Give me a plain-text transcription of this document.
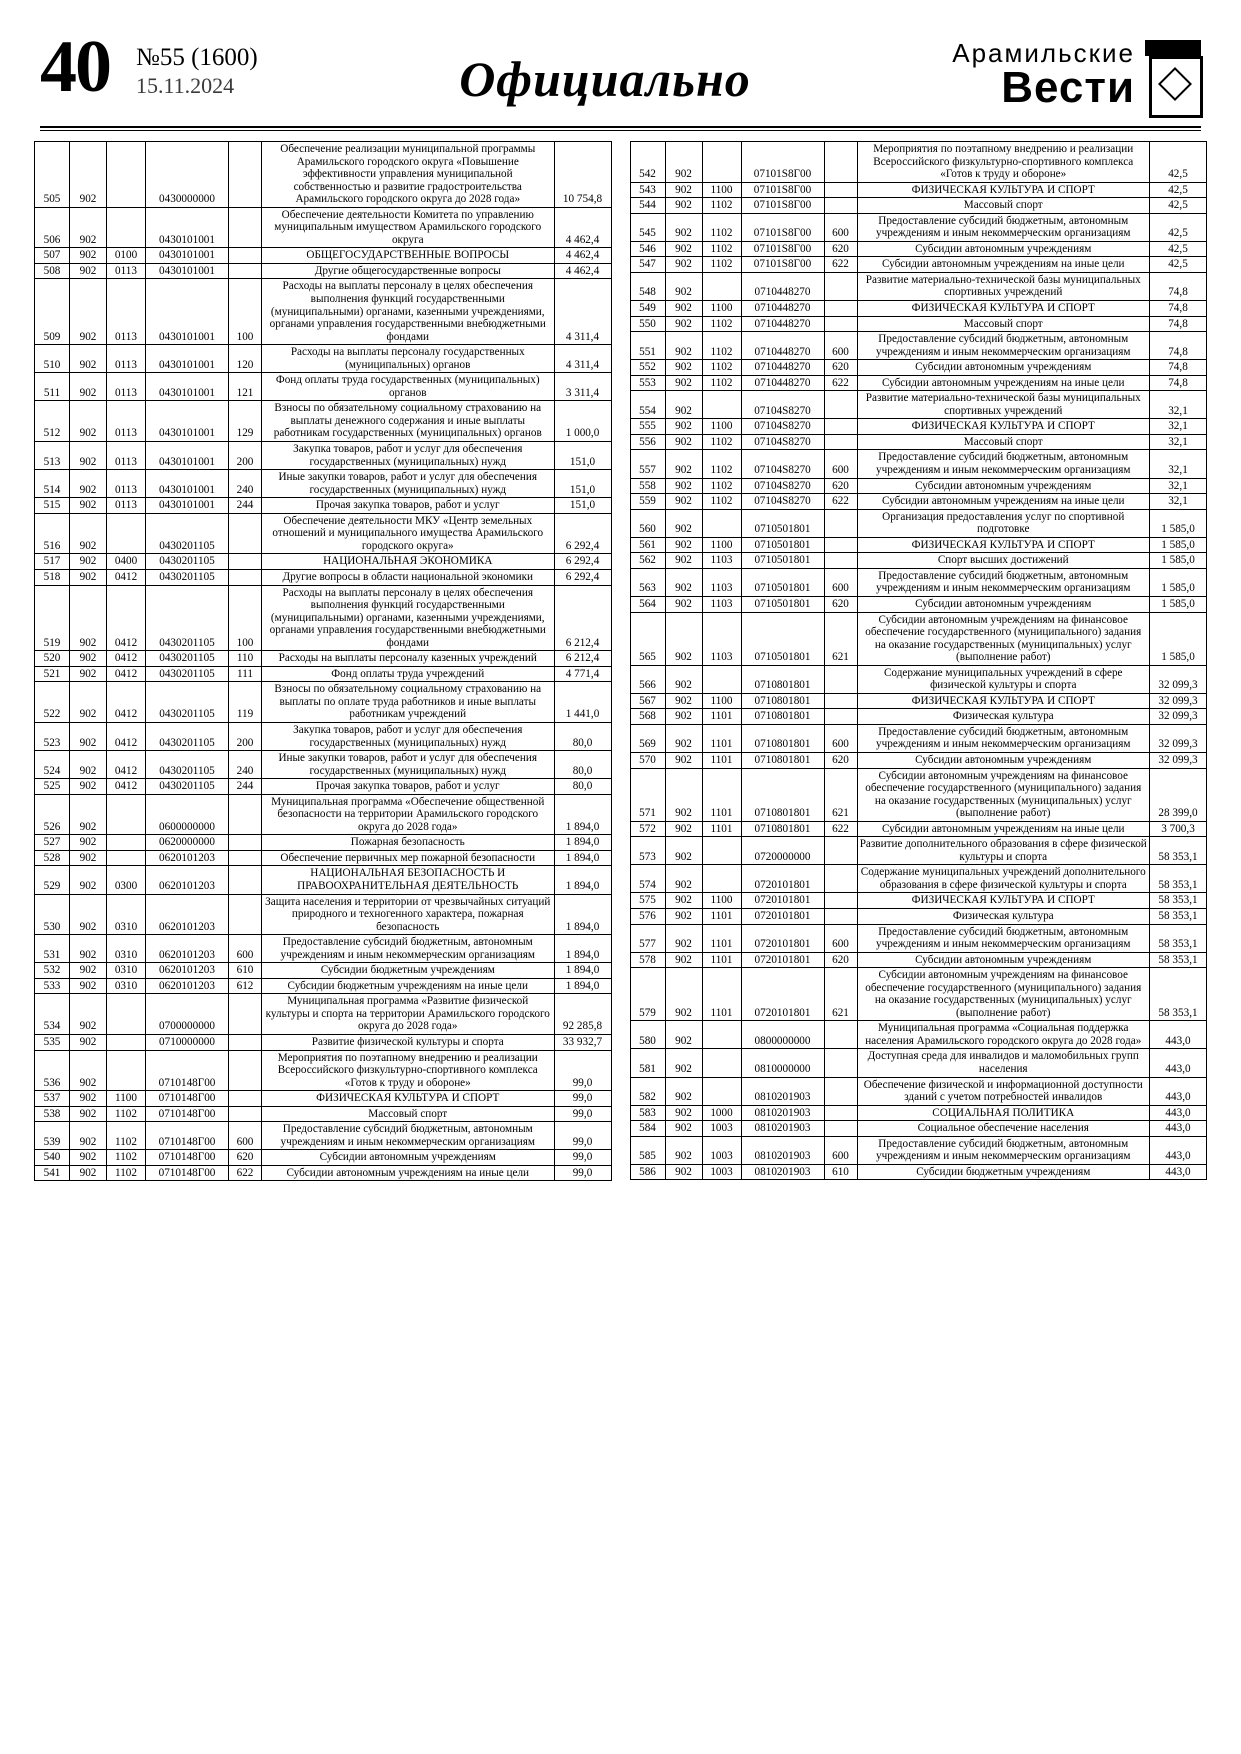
40 №55 (1600)
15.11.2024	Официально	Арамильские
Вести
505	902		0430000000		Обеспечение реализации муниципальной программы Арамильского городского округа «Повышение эффективности управления муниципальной собственностью и развитие градостроительства Арамильского городского округа до 2028 года»	10 754,8
506	902		0430101001		Обеспечение деятельности Комитета по управлению муниципальным имуществом Арамильского городского округа	4 462,4
507	902	0100	0430101001		ОБЩЕГОСУДАРСТВЕННЫЕ ВОПРОСЫ	4 462,4
508	902	0113	0430101001		Другие общегосударственные вопросы	4 462,4
509	902	0113	0430101001	100	Расходы на выплаты персоналу в целях обеспечения выполнения функций государственными (муниципальными) органами, казенными учреждениями, органами управления государственными внебюджетными фондами	4 311,4
510	902	0113	0430101001	120	Расходы на выплаты персоналу государственных (муниципальных) органов	4 311,4
511	902	0113	0430101001	121	Фонд оплаты труда государственных (муниципальных) органов	3 311,4
512	902	0113	0430101001	129	Взносы по обязательному социальному страхованию на выплаты денежного содержания и иные выплаты работникам государственных (муниципальных) органов	1 000,0
513	902	0113	0430101001	200	Закупка товаров, работ и услуг для обеспечения государственных (муниципальных) нужд	151,0
514	902	0113	0430101001	240	Иные закупки товаров, работ и услуг для обеспечения государственных (муниципальных) нужд	151,0
515	902	0113	0430101001	244	Прочая закупка товаров, работ и услуг	151,0
516	902		0430201105		Обеспечение деятельности МКУ «Центр земельных отношений и муниципального имущества Арамильского городского округа»	6 292,4
517	902	0400	0430201105		НАЦИОНАЛЬНАЯ ЭКОНОМИКА	6 292,4
518	902	0412	0430201105		Другие вопросы в области национальной экономики	6 292,4
519	902	0412	0430201105	100	Расходы на выплаты персоналу в целях обеспечения выполнения функций государственными (муниципальными) органами, казенными учреждениями, органами управления государственными внебюджетными фондами	6 212,4
520	902	0412	0430201105	110	Расходы на выплаты персоналу казенных учреждений	6 212,4
521	902	0412	0430201105	111	Фонд оплаты труда учреждений	4 771,4
522	902	0412	0430201105	119	Взносы по обязательному социальному страхованию на выплаты по оплате труда работников и иные выплаты работникам учреждений	1 441,0
523	902	0412	0430201105	200	Закупка товаров, работ и услуг для обеспечения государственных (муниципальных) нужд	80,0
524	902	0412	0430201105	240	Иные закупки товаров, работ и услуг для обеспечения государственных (муниципальных) нужд	80,0
525	902	0412	0430201105	244	Прочая закупка товаров, работ и услуг	80,0
526	902		0600000000		Муниципальная программа «Обеспечение общественной безопасности на территории Арамильского городского округа до 2028 года»	1 894,0
527	902		0620000000		Пожарная безопасность	1 894,0
528	902		0620101203		Обеспечение первичных мер пожарной безопасности	1 894,0
529	902	0300	0620101203		НАЦИОНАЛЬНАЯ БЕЗОПАСНОСТЬ И ПРАВООХРАНИТЕЛЬНАЯ ДЕЯТЕЛЬНОСТЬ	1 894,0
530	902	0310	0620101203		Защита населения и территории от чрезвычайных ситуаций природного и техногенного характера, пожарная безопасность	1 894,0
531	902	0310	0620101203	600	Предоставление субсидий бюджетным, автономным учреждениям и иным некоммерческим организациям	1 894,0
532	902	0310	0620101203	610	Субсидии бюджетным учреждениям	1 894,0
533	902	0310	0620101203	612	Субсидии бюджетным учреждениям на иные цели	1 894,0
534	902		0700000000		Муниципальная программа «Развитие физической культуры и спорта на территории Арамильского городского округа до 2028 года»	92 285,8
535	902		0710000000		Развитие физической культуры и спорта	33 932,7
536	902		0710148Г00		Мероприятия по поэтапному внедрению и реализации Всероссийского физкультурно-спортивного комплекса «Готов к труду и обороне»	99,0
537	902	1100	0710148Г00		ФИЗИЧЕСКАЯ КУЛЬТУРА И СПОРТ	99,0
538	902	1102	0710148Г00		Массовый спорт	99,0
539	902	1102	0710148Г00	600	Предоставление субсидий бюджетным, автономным учреждениям и иным некоммерческим организациям	99,0
540	902	1102	0710148Г00	620	Субсидии автономным учреждениям	99,0
541	902	1102	0710148Г00	622	Субсидии автономным учреждениям на иные цели	99,0
542	902		07101S8Г00		Мероприятия по поэтапному внедрению и реализации Всероссийского физкультурно-спортивного комплекса «Готов к труду и обороне»	42,5
543	902	1100	07101S8Г00		ФИЗИЧЕСКАЯ КУЛЬТУРА И СПОРТ	42,5
544	902	1102	07101S8Г00		Массовый спорт	42,5
545	902	1102	07101S8Г00	600	Предоставление субсидий бюджетным, автономным учреждениям и иным некоммерческим организациям	42,5
546	902	1102	07101S8Г00	620	Субсидии автономным учреждениям	42,5
547	902	1102	07101S8Г00	622	Субсидии автономным учреждениям на иные цели	42,5
548	902		0710448270		Развитие материально-технической базы муниципальных спортивных учреждений	74,8
549	902	1100	0710448270		ФИЗИЧЕСКАЯ КУЛЬТУРА И СПОРТ	74,8
550	902	1102	0710448270		Массовый спорт	74,8
551	902	1102	0710448270	600	Предоставление субсидий бюджетным, автономным учреждениям и иным некоммерческим организациям	74,8
552	902	1102	0710448270	620	Субсидии автономным учреждениям	74,8
553	902	1102	0710448270	622	Субсидии автономным учреждениям на иные цели	74,8
554	902		07104S8270		Развитие материально-технической базы муниципальных спортивных учреждений	32,1
555	902	1100	07104S8270		ФИЗИЧЕСКАЯ КУЛЬТУРА И СПОРТ	32,1
556	902	1102	07104S8270		Массовый спорт	32,1
557	902	1102	07104S8270	600	Предоставление субсидий бюджетным, автономным учреждениям и иным некоммерческим организациям	32,1
558	902	1102	07104S8270	620	Субсидии автономным учреждениям	32,1
559	902	1102	07104S8270	622	Субсидии автономным учреждениям на иные цели	32,1
560	902		0710501801		Организация предоставления услуг по спортивной подготовке	1 585,0
561	902	1100	0710501801		ФИЗИЧЕСКАЯ КУЛЬТУРА И СПОРТ	1 585,0
562	902	1103	0710501801		Спорт высших достижений	1 585,0
563	902	1103	0710501801	600	Предоставление субсидий бюджетным, автономным учреждениям и иным некоммерческим организациям	1 585,0
564	902	1103	0710501801	620	Субсидии автономным учреждениям	1 585,0
565	902	1103	0710501801	621	Субсидии автономным учреждениям на финансовое обеспечение государственного (муниципального) задания на оказание государственных (муниципальных) услуг (выполнение работ)	1 585,0
566	902		0710801801		Содержание муниципальных учреждений в сфере физической культуры и спорта	32 099,3
567	902	1100	0710801801		ФИЗИЧЕСКАЯ КУЛЬТУРА И СПОРТ	32 099,3
568	902	1101	0710801801		Физическая культура	32 099,3
569	902	1101	0710801801	600	Предоставление субсидий бюджетным, автономным учреждениям и иным некоммерческим организациям	32 099,3
570	902	1101	0710801801	620	Субсидии автономным учреждениям	32 099,3
571	902	1101	0710801801	621	Субсидии автономным учреждениям на финансовое обеспечение государственного (муниципального) задания на оказание государственных (муниципальных) услуг (выполнение работ)	28 399,0
572	902	1101	0710801801	622	Субсидии автономным учреждениям на иные цели	3 700,3
573	902		0720000000		Развитие дополнительного образования в сфере физической культуры и спорта	58 353,1
574	902		0720101801		Содержание муниципальных учреждений дополнительного образования в сфере физической культуры и спорта	58 353,1
575	902	1100	0720101801		ФИЗИЧЕСКАЯ КУЛЬТУРА И СПОРТ	58 353,1
576	902	1101	0720101801		Физическая культура	58 353,1
577	902	1101	0720101801	600	Предоставление субсидий бюджетным, автономным учреждениям и иным некоммерческим организациям	58 353,1
578	902	1101	0720101801	620	Субсидии автономным учреждениям	58 353,1
579	902	1101	0720101801	621	Субсидии автономным учреждениям на финансовое обеспечение государственного (муниципального) задания на оказание государственных (муниципальных) услуг (выполнение работ)	58 353,1
580	902		0800000000		Муниципальная программа «Социальная поддержка населения Арамильского городского округа до 2028 года»	443,0
581	902		0810000000		Доступная среда для инвалидов и маломобильных групп населения	443,0
582	902		0810201903		Обеспечение физической и информационной доступности зданий с учетом потребностей инвалидов	443,0
583	902	1000	0810201903		СОЦИАЛЬНАЯ ПОЛИТИКА	443,0
584	902	1003	0810201903		Социальное обеспечение населения	443,0
585	902	1003	0810201903	600	Предоставление субсидий бюджетным, автономным учреждениям и иным некоммерческим организациям	443,0
586	902	1003	0810201903	610	Субсидии бюджетным учреждениям	443,0
